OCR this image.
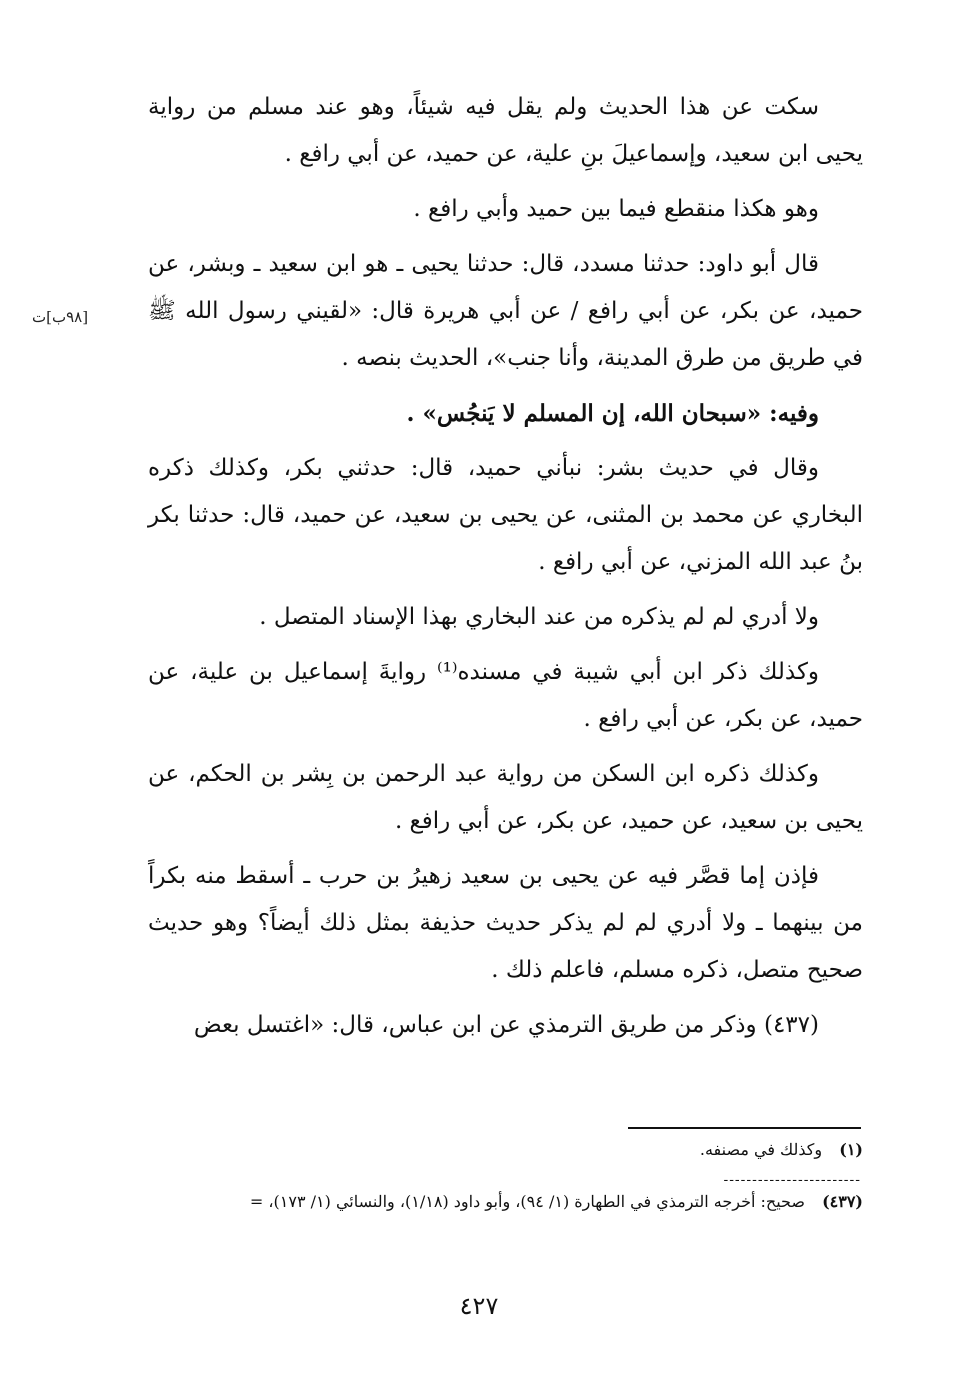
سكت عن هذا الحديث ولم يقل فيه شيئاً، وهو عند مسلم من رواية يحيى ابن سعيد، وإسماعيلَ بنِ علية، عن حميد، عن أبي رافع .

وهو هكذا منقطع فيما بين حميد وأبي رافع .

قال أبو داود: حدثنا مسدد، قال: حدثنا يحيى ـ هو ابن سعيد ـ وبشر، عن حميد، عن بكر، عن أبي رافع / عن أبي هريرة قال: «لقيني رسول الله ﷺ في طريق من طرق المدينة، وأنا جنب»، الحديث بنصه .

وفيه: «سبحان الله، إن المسلم لا يَنجُس» .

وقال في حديث بشر: نبأني حميد، قال: حدثني بكر، وكذلك ذكره البخاري عن محمد بن المثنى، عن يحيى بن سعيد، عن حميد، قال: حدثنا بكر بنُ عبد الله المزني، عن أبي رافع .

ولا أدري لم لم يذكره من عند البخاري بهذا الإسناد المتصل .

وكذلك ذكر ابن أبي شيبة في مسنده⁽¹⁾ روايةَ إسماعيل بن علية، عن حميد، عن بكر، عن أبي رافع .

وكذلك ذكره ابن السكن من رواية عبد الرحمن بن بِشر بن الحكم، عن يحيى بن سعيد، عن حميد، عن بكر، عن أبي رافع .

فإذن إما قصَّر فيه عن يحيى بن سعيد زهيرُ بن حرب ـ أسقط منه بكراً من بينهما ـ ولا أدري لم لم يذكر حديث حذيفة بمثل ذلك أيضاً؟ وهو حديث صحيح متصل، ذكره مسلم، فاعلم ذلك .

(٤٣٧) وذكر من طريق الترمذي عن ابن عباس، قال: «اغتسل بعض

[٩٨ب]ت
(١) وكذلك في مصنفه.
------------------------
(٤٣٧) صحيح: أخرجه الترمذي في الطهارة (١/ ٩٤)، وأبو داود (١/١٨)، والنسائي (١/ ١٧٣)، =
٤٢٧
